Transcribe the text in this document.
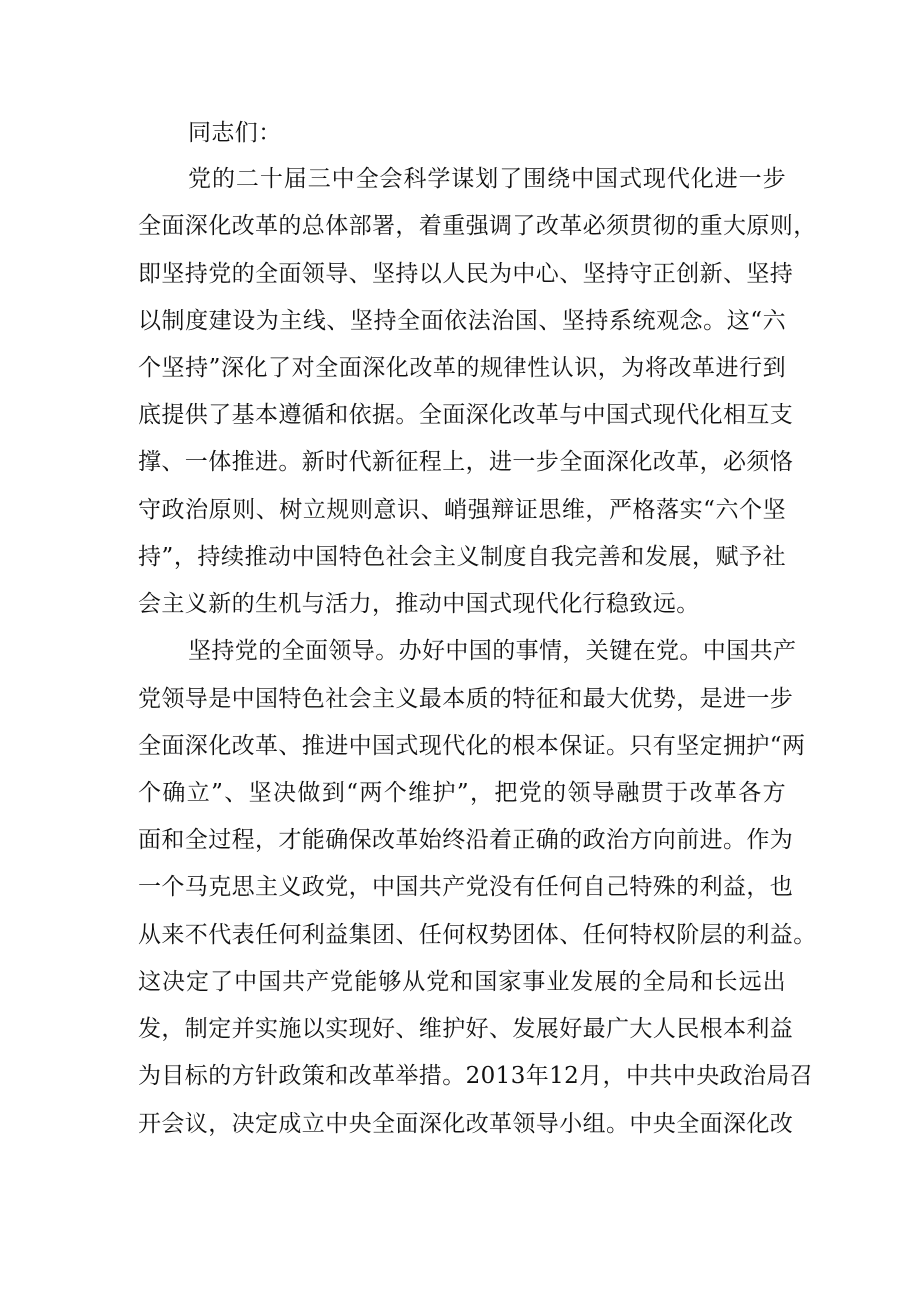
同志们：
党的二十届三中全会科学谋划了围绕中国式现代化进一步
全面深化改革的总体部署，着重强调了改革必须贯彻的重大原则，
即坚持党的全面领导、坚持以人民为中心、坚持守正创新、坚持
以制度建设为主线、坚持全面依法治国、坚持系统观念。这“六
个坚持”深化了对全面深化改革的规律性认识，为将改革进行到
底提供了基本遵循和依据。全面深化改革与中国式现代化相互支
撑、一体推进。新时代新征程上，进一步全面深化改革，必须恪
守政治原则、树立规则意识、峭强辩证思维，严格落实“六个坚
持”，持续推动中国特色社会主义制度自我完善和发展，赋予社
会主义新的生机与活力，推动中国式现代化行稳致远。
坚持党的全面领导。办好中国的事情，关键在党。中国共产
党领导是中国特色社会主义最本质的特征和最大优势，是进一步
全面深化改革、推进中国式现代化的根本保证。只有坚定拥护“两
个确立”、坚决做到“两个维护”，把党的领导融贯于改革各方
面和全过程，才能确保改革始终沿着正确的政治方向前进。作为
一个马克思主义政党，中国共产党没有任何自己特殊的利益，也
从来不代表任何利益集团、任何权势团体、任何特权阶层的利益。
这决定了中国共产党能够从党和国家事业发展的全局和长远出
发，制定并实施以实现好、维护好、发展好最广大人民根本利益
为目标的方针政策和改革举措。2013年12月，中共中央政治局召
开会议，决定成立中央全面深化改革领导小组。中央全面深化改
